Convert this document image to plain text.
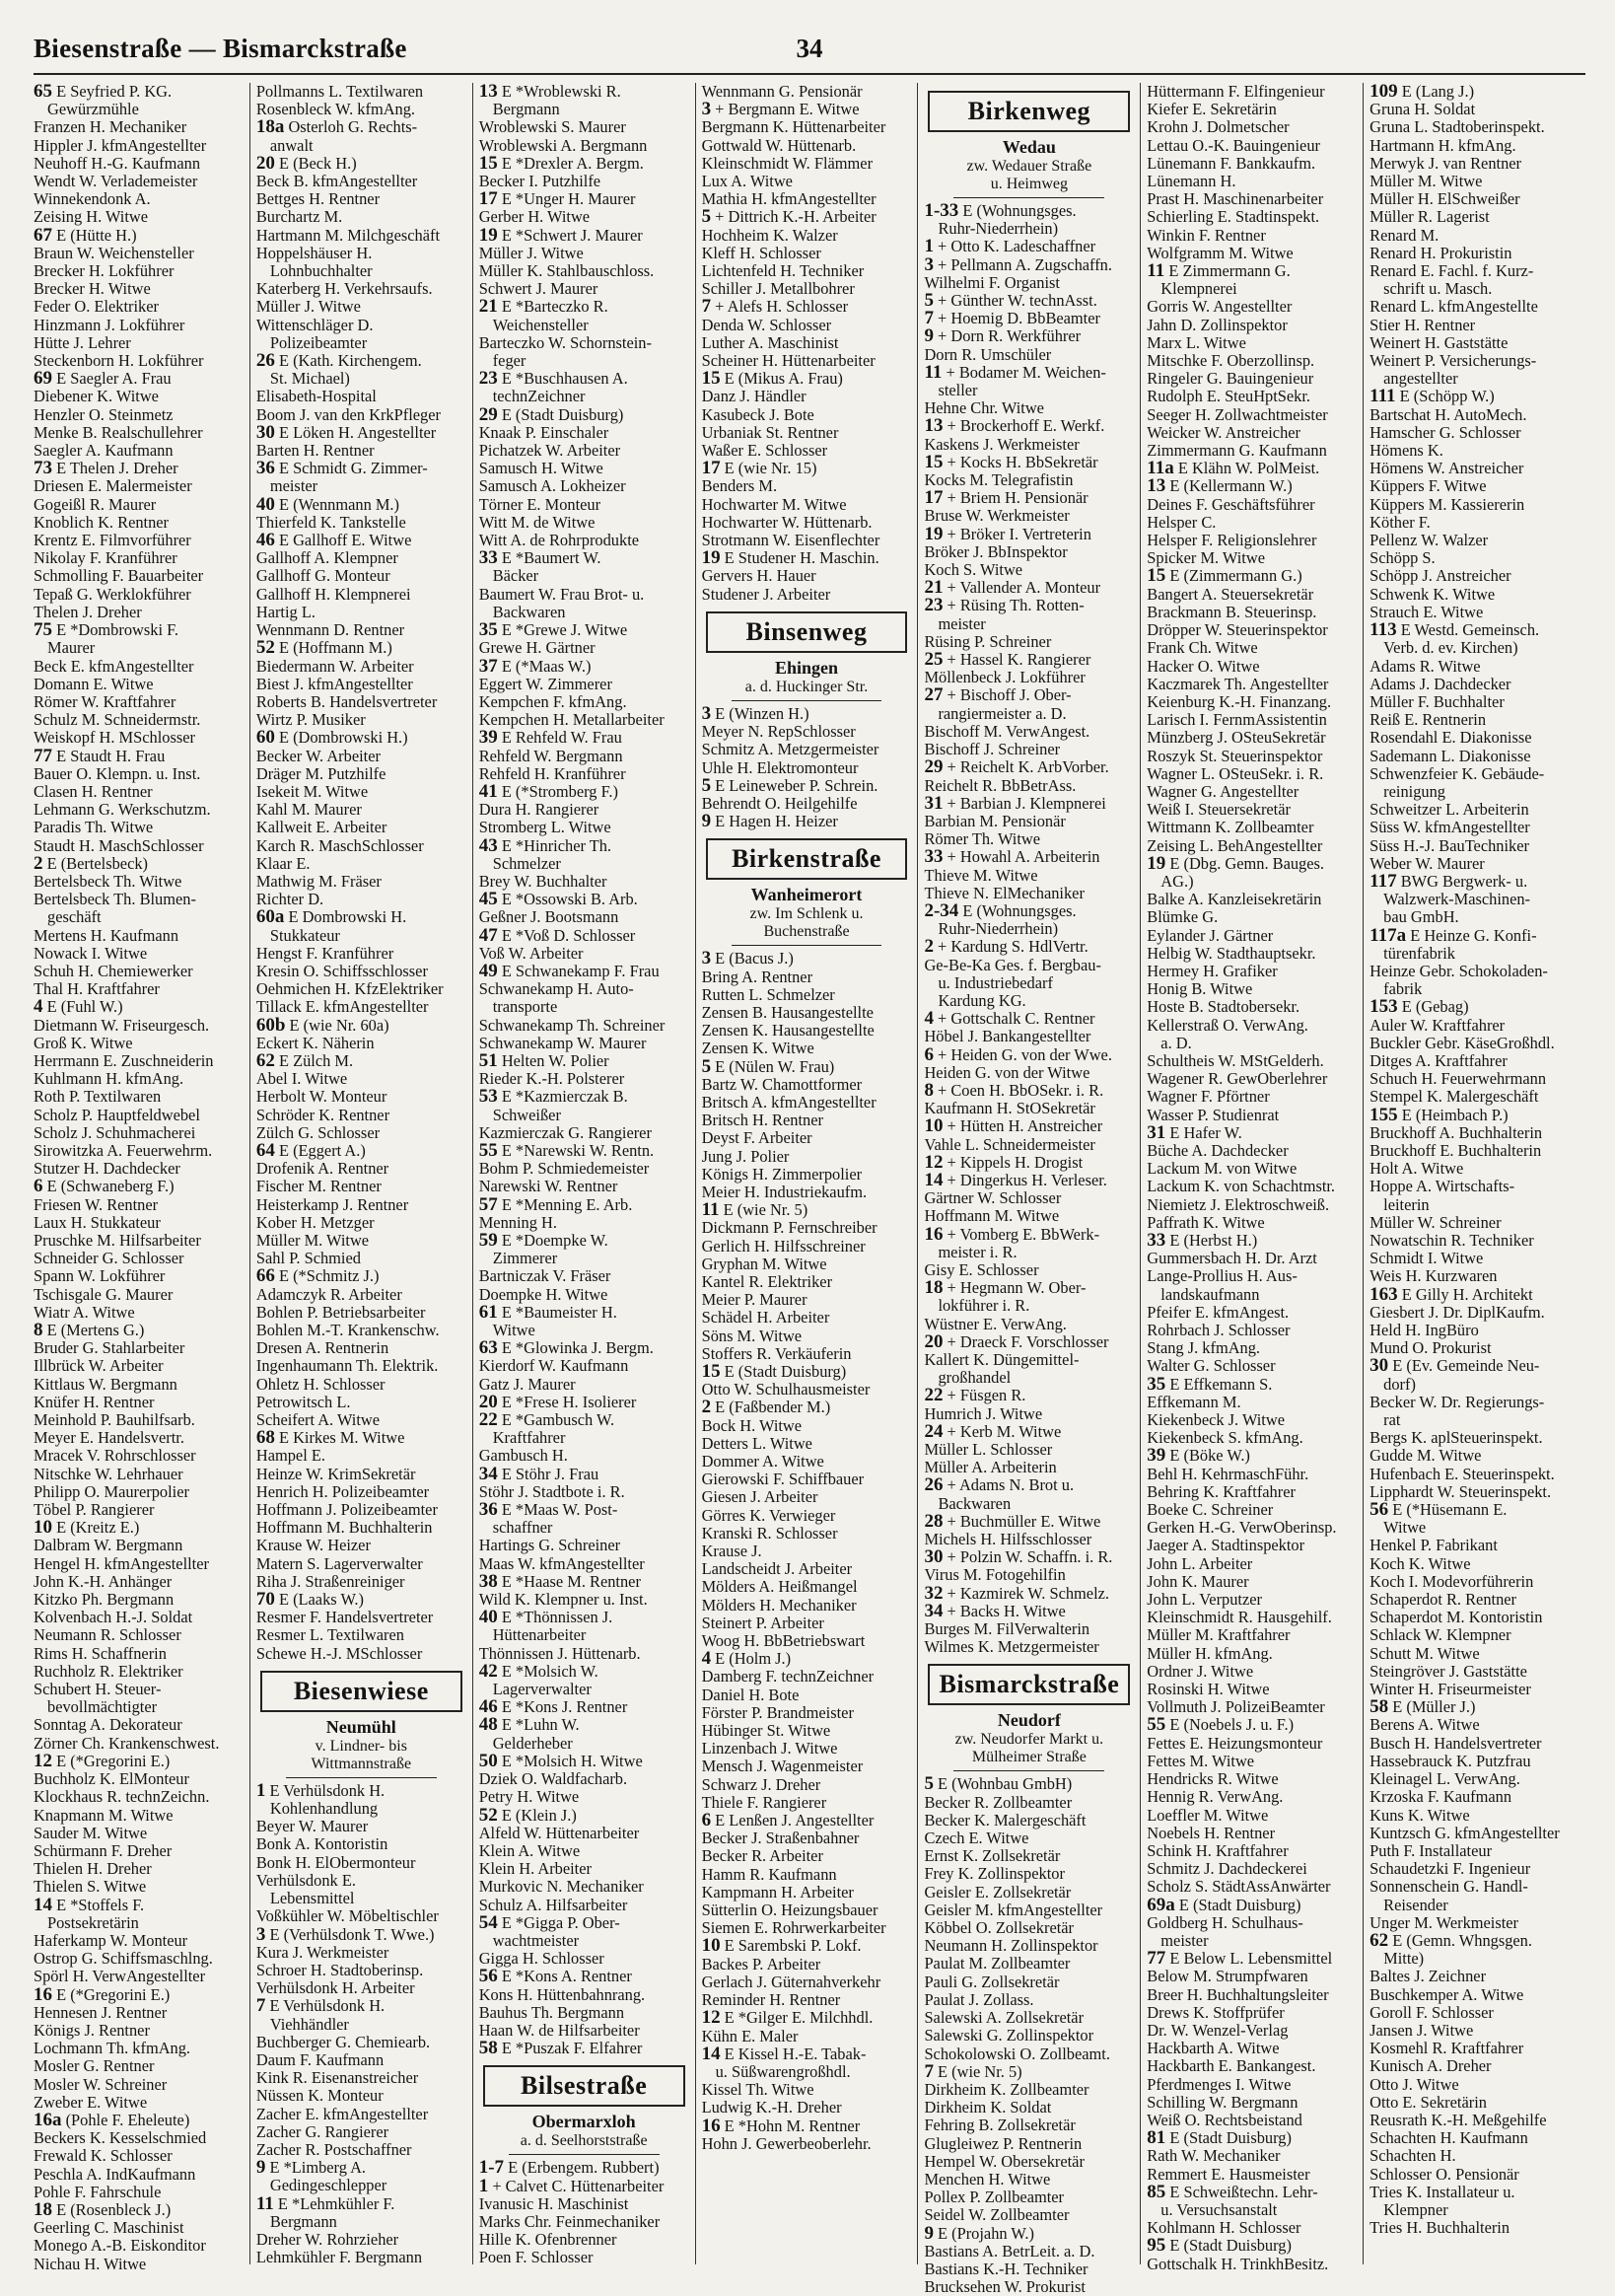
Biesenstraße — Bismarckstraße	34
65 E Seyfried P. KG.
Gewürzmühle
Franzen H. Mechaniker
Hippler J. kfmAngestellter
Neuhoff H.-G. Kaufmann
Wendt W. Verlademeister
Winnekendonk A.
Zeising H. Witwe
67 E (Hütte H.)
Braun W. Weichensteller
Brecker H. Lokführer
Brecker H. Witwe
Feder O. Elektriker
Hinzmann J. Lokführer
Hütte J. Lehrer
Steckenborn H. Lokführer
69 E Saegler A. Frau
Diebener K. Witwe
Henzler O. Steinmetz
Menke B. Realschullehrer
Saegler A. Kaufmann
73 E Thelen J. Dreher
Driesen E. Malermeister
Gogeißl R. Maurer
Knoblich K. Rentner
Krentz E. Filmvorführer
Nikolay F. Kranführer
Schmolling F. Bauarbeiter
Tepaß G. Werklokführer
Thelen J. Dreher
75 E *Dombrowski F.
Maurer
Beck E. kfmAngestellter
Domann E. Witwe
Römer W. Kraftfahrer
Schulz M. Schneidermstr.
Weiskopf H. MSchlosser
77 E Staudt H. Frau
Bauer O. Klempn. u. Inst.
Clasen H. Rentner
Lehmann G. Werkschutzm.
Paradis Th. Witwe
Staudt H. MaschSchlosser
2 E (Bertelsbeck)
Bertelsbeck Th. Witwe
Bertelsbeck Th. Blumen-
geschäft
Mertens H. Kaufmann
Nowack I. Witwe
Schuh H. Chemiewerker
Thal H. Kraftfahrer
4 E (Fuhl W.)
Dietmann W. Friseurgesch.
Groß K. Witwe
Herrmann E. Zuschneiderin
Kuhlmann H. kfmAng.
Roth P. Textilwaren
Scholz P. Hauptfeldwebel
Scholz J. Schuhmacherei
Sirowitzka A. Feuerwehrm.
Stutzer H. Dachdecker
6 E (Schwaneberg F.)
Friesen W. Rentner
Laux H. Stukkateur
Pruschke M. Hilfsarbeiter
Schneider G. Schlosser
Spann W. Lokführer
Tschisgale G. Maurer
Wiatr A. Witwe
8 E (Mertens G.)
Bruder G. Stahlarbeiter
Illbrück W. Arbeiter
Kittlaus W. Bergmann
Knüfer H. Rentner
Meinhold P. Bauhilfsarb.
Meyer E. Handelsvertr.
Mracek V. Rohrschlosser
Nitschke W. Lehrhauer
Philipp O. Maurerpolier
Töbel P. Rangierer
10 E (Kreitz E.)
Dalbram W. Bergmann
Hengel H. kfmAngestellter
John K.-H. Anhänger
Kitzko Ph. Bergmann
Kolvenbach H.-J. Soldat
Neumann R. Schlosser
Rims H. Schaffnerin
Ruchholz R. Elektriker
Schubert H. Steuer-
bevollmächtigter
Sonntag A. Dekorateur
Zörner Ch. Krankenschwest.
12 E (*Gregorini E.)
Buchholz K. ElMonteur
Klockhaus R. technZeichn.
Knapmann M. Witwe
Sauder M. Witwe
Schürmann F. Dreher
Thielen H. Dreher
Thielen S. Witwe
14 E *Stoffels F.
Postsekretärin
Haferkamp W. Monteur
Ostrop G. Schiffsmaschlng.
Spörl H. VerwAngestellter
16 E (*Gregorini E.)
Hennesen J. Rentner
Königs J. Rentner
Lochmann Th. kfmAng.
Mosler G. Rentner
Mosler W. Schreiner
Zweber E. Witwe
16a (Pohle F. Eheleute)
Beckers K. Kesselschmied
Frewald K. Schlosser
Peschla A. IndKaufmann
Pohle F. Fahrschule
18 E (Rosenbleck J.)
Geerling C. Maschinist
Monego A.-B. Eiskonditor
Nichau H. Witwe
Pollmanns L. Textilwaren
Rosenbleck W. kfmAng.
18a Osterloh G. Rechts-
anwalt
20 E (Beck H.)
Beck B. kfmAngestellter
Bettges H. Rentner
Burchartz M.
Hartmann M. Milchgeschäft
Hoppelshäuser H.
Lohnbuchhalter
Katerberg H. Verkehrsaufs.
Müller J. Witwe
Wittenschläger D.
Polizeibeamter
26 E (Kath. Kirchengem.
St. Michael)
Elisabeth-Hospital
Boom J. van den KrkPfleger
30 E Löken H. Angestellter
Barten H. Rentner
36 E Schmidt G. Zimmer-
meister
40 E (Wennmann M.)
Thierfeld K. Tankstelle
46 E Gallhoff E. Witwe
Gallhoff A. Klempner
Gallhoff G. Monteur
Gallhoff H. Klempnerei
Hartig L.
Wennmann D. Rentner
52 E (Hoffmann M.)
Biedermann W. Arbeiter
Biest J. kfmAngestellter
Roberts B. Handelsvertreter
Wirtz P. Musiker
60 E (Dombrowski H.)
Becker W. Arbeiter
Dräger M. Putzhilfe
Isekeit M. Witwe
Kahl M. Maurer
Kallweit E. Arbeiter
Karch R. MaschSchlosser
Klaar E.
Mathwig M. Fräser
Richter D.
60a E Dombrowski H.
Stukkateur
Hengst F. Kranführer
Kresin O. Schiffsschlosser
Oehmichen H. KfzElektriker
Tillack E. kfmAngestellter
60b E (wie Nr. 60a)
Eckert K. Näherin
62 E Zülch M.
Abel I. Witwe
Herbolt W. Monteur
Schröder K. Rentner
Zülch G. Schlosser
64 E (Eggert A.)
Drofenik A. Rentner
Fischer M. Rentner
Heisterkamp J. Rentner
Kober H. Metzger
Müller M. Witwe
Sahl P. Schmied
66 E (*Schmitz J.)
Adamczyk R. Arbeiter
Bohlen P. Betriebsarbeiter
Bohlen M.-T. Krankenschw.
Dresen A. Rentnerin
Ingenhaumann Th. Elektrik.
Ohletz H. Schlosser
Petrowitsch L.
Scheifert A. Witwe
68 E Kirkes M. Witwe
Hampel E.
Heinze W. KrimSekretär
Henrich H. Polizeibeamter
Hoffmann J. Polizeibeamter
Hoffmann M. Buchhalterin
Krause W. Heizer
Matern S. Lagerverwalter
Riha J. Straßenreiniger
70 E (Laaks W.)
Resmer F. Handelsvertreter
Resmer L. Textilwaren
Schewe H.-J. MSchlosser
Biesenwiese
Neumühl
v. Lindner- bis
Wittmannstraße
1 E Verhülsdonk H.
Kohlenhandlung
Beyer W. Maurer
Bonk A. Kontoristin
Bonk H. ElObermonteur
Verhülsdonk E.
Lebensmittel
Voßkühler W. Möbeltischler
3 E (Verhülsdonk T. Wwe.)
Kura J. Werkmeister
Schroer H. Stadtoberinsp.
Verhülsdonk H. Arbeiter
7 E Verhülsdonk H.
Viehhändler
Buchberger G. Chemiearb.
Daum F. Kaufmann
Kink R. Eisenanstreicher
Nüssen K. Monteur
Zacher E. kfmAngestellter
Zacher G. Rangierer
Zacher R. Postschaffner
9 E *Limberg A.
Gedingeschlepper
11 E *Lehmkühler F.
Bergmann
Dreher W. Rohrzieher
Lehmkühler F. Bergmann
13 E *Wroblewski R.
Bergmann
Wroblewski S. Maurer
Wroblewski A. Bergmann
15 E *Drexler A. Bergm.
Becker I. Putzhilfe
17 E *Unger H. Maurer
Gerber H. Witwe
19 E *Schwert J. Maurer
Müller J. Witwe
Müller K. Stahlbauschloss.
Schwert J. Maurer
21 E *Barteczko R.
Weichensteller
Barteczko W. Schornstein-
feger
23 E *Buschhausen A.
technZeichner
29 E (Stadt Duisburg)
Knaak P. Einschaler
Pichatzek W. Arbeiter
Samusch H. Witwe
Samusch A. Lokheizer
Törner E. Monteur
Witt M. de Witwe
Witt A. de Rohrprodukte
33 E *Baumert W.
Bäcker
Baumert W. Frau Brot- u.
Backwaren
35 E *Grewe J. Witwe
Grewe H. Gärtner
37 E (*Maas W.)
Eggert W. Zimmerer
Kempchen F. kfmAng.
Kempchen H. Metallarbeiter
39 E Rehfeld W. Frau
Rehfeld W. Bergmann
Rehfeld H. Kranführer
41 E (*Stromberg F.)
Dura H. Rangierer
Stromberg L. Witwe
43 E *Hinricher Th.
Schmelzer
Brey W. Buchhalter
45 E *Ossowski B. Arb.
Geßner J. Bootsmann
47 E *Voß D. Schlosser
Voß W. Arbeiter
49 E Schwanekamp F. Frau
Schwanekamp H. Auto-
transporte
Schwanekamp Th. Schreiner
Schwanekamp W. Maurer
51 Helten W. Polier
Rieder K.-H. Polsterer
53 E *Kazmierczak B.
Schweißer
Kazmierczak G. Rangierer
55 E *Narewski W. Rentn.
Bohm P. Schmiedemeister
Narewski W. Rentner
57 E *Menning E. Arb.
Menning H.
59 E *Doempke W.
Zimmerer
Bartniczak V. Fräser
Doempke H. Witwe
61 E *Baumeister H.
Witwe
63 E *Glowinka J. Bergm.
Kierdorf W. Kaufmann
Gatz J. Maurer
20 E *Frese H. Isolierer
22 E *Gambusch W.
Kraftfahrer
Gambusch H.
34 E Stöhr J. Frau
Stöhr J. Stadtbote i. R.
36 E *Maas W. Post-
schaffner
Hartings G. Schreiner
Maas W. kfmAngestellter
38 E *Haase M. Rentner
Wild K. Klempner u. Inst.
40 E *Thönnissen J.
Hüttenarbeiter
Thönnissen J. Hüttenarb.
42 E *Molsich W.
Lagerverwalter
46 E *Kons J. Rentner
48 E *Luhn W.
Gelderheber
50 E *Molsich H. Witwe
Dziek O. Waldfacharb.
Petry H. Witwe
52 E (Klein J.)
Alfeld W. Hüttenarbeiter
Klein A. Witwe
Klein H. Arbeiter
Murkovic N. Mechaniker
Schulz A. Hilfsarbeiter
54 E *Gigga P. Ober-
wachtmeister
Gigga H. Schlosser
56 E *Kons A. Rentner
Kons H. Hüttenbahnrang.
Bauhus Th. Bergmann
Haan W. de Hilfsarbeiter
58 E *Puszak F. Elfahrer
Bilsestraße
Obermarxloh
a. d. Seelhorststraße
1-7 E (Erbengem. Rubbert)
1 + Calvet C. Hüttenarbeiter
Ivanusic H. Maschinist
Marks Chr. Feinmechaniker
Hille K. Ofenbrenner
Poen F. Schlosser
Wennmann G. Pensionär
3 + Bergmann E. Witwe
Bergmann K. Hüttenarbeiter
Gottwald W. Hüttenarb.
Kleinschmidt W. Flämmer
Lux A. Witwe
Mathia H. kfmAngestellter
5 + Dittrich K.-H. Arbeiter
Hochheim K. Walzer
Kleff H. Schlosser
Lichtenfeld H. Techniker
Schiller J. Metallbohrer
7 + Alefs H. Schlosser
Denda W. Schlosser
Luther A. Maschinist
Scheiner H. Hüttenarbeiter
15 E (Mikus A. Frau)
Danz J. Händler
Kasubeck J. Bote
Urbaniak St. Rentner
Waßer E. Schlosser
17 E (wie Nr. 15)
Benders M.
Hochwarter M. Witwe
Hochwarter W. Hüttenarb.
Strotmann W. Eisenflechter
19 E Studener H. Maschin.
Gervers H. Hauer
Studener J. Arbeiter
Binsenweg
Ehingen
a. d. Huckinger Str.
3 E (Winzen H.)
Meyer N. RepSchlosser
Schmitz A. Metzgermeister
Uhle H. Elektromonteur
5 E Leineweber P. Schrein.
Behrendt O. Heilgehilfe
9 E Hagen H. Heizer
Birkenstraße
Wanheimerort
zw. Im Schlenk u.
Buchenstraße
3 E (Bacus J.)
Bring A. Rentner
Rutten L. Schmelzer
Zensen B. Hausangestellte
Zensen K. Hausangestellte
Zensen K. Witwe
5 E (Nülen W. Frau)
Bartz W. Chamottformer
Britsch A. kfmAngestellter
Britsch H. Rentner
Deyst F. Arbeiter
Jung J. Polier
Königs H. Zimmerpolier
Meier H. Industriekaufm.
11 E (wie Nr. 5)
Dickmann P. Fernschreiber
Gerlich H. Hilfsschreiner
Gryphan M. Witwe
Kantel R. Elektriker
Meier P. Maurer
Schädel H. Arbeiter
Söns M. Witwe
Stoffers R. Verkäuferin
15 E (Stadt Duisburg)
Otto W. Schulhausmeister
2 E (Faßbender M.)
Bock H. Witwe
Detters L. Witwe
Dommer A. Witwe
Gierowski F. Schiffbauer
Giesen J. Arbeiter
Görres K. Verwieger
Kranski R. Schlosser
Krause J.
Landscheidt J. Arbeiter
Mölders A. Heißmangel
Mölders H. Mechaniker
Steinert P. Arbeiter
Woog H. BbBetriebswart
4 E (Holm J.)
Damberg F. technZeichner
Daniel H. Bote
Förster P. Brandmeister
Hübinger St. Witwe
Linzenbach J. Witwe
Mensch J. Wagenmeister
Schwarz J. Dreher
Thiele F. Rangierer
6 E Lenßen J. Angestellter
Becker J. Straßenbahner
Becker R. Arbeiter
Hamm R. Kaufmann
Kampmann H. Arbeiter
Sütterlin O. Heizungsbauer
Siemen E. Rohrwerkarbeiter
10 E Sarembski P. Lokf.
Backes P. Arbeiter
Gerlach J. Güternahverkehr
Reminder H. Rentner
12 E *Gilger E. Milchhdl.
Kühn E. Maler
14 E Kissel H.-E. Tabak-
u. Süßwarengroßhdl.
Kissel Th. Witwe
Ludwig K.-H. Dreher
16 E *Hohn M. Rentner
Hohn J. Gewerbeoberlehr.
Birkenweg
Wedau
zw. Wedauer Straße
u. Heimweg
1-33 E (Wohnungsges.
Ruhr-Niederrhein)
1 + Otto K. Ladeschaffner
3 + Pellmann A. Zugschaffn.
Wilhelmi F. Organist
5 + Günther W. technAsst.
7 + Hoemig D. BbBeamter
9 + Dorn R. Werkführer
Dorn R. Umschüler
11 + Bodamer M. Weichen-
steller
Hehne Chr. Witwe
13 + Brockerhoff E. Werkf.
Kaskens J. Werkmeister
15 + Kocks H. BbSekretär
Kocks M. Telegrafistin
17 + Briem H. Pensionär
Bruse W. Werkmeister
19 + Bröker I. Vertreterin
Bröker J. BbInspektor
Koch S. Witwe
21 + Vallender A. Monteur
23 + Rüsing Th. Rotten-
meister
Rüsing P. Schreiner
25 + Hassel K. Rangierer
Möllenbeck J. Lokführer
27 + Bischoff J. Ober-
rangiermeister a. D.
Bischoff M. VerwAngest.
Bischoff J. Schreiner
29 + Reichelt K. ArbVorber.
Reichelt R. BbBetrAss.
31 + Barbian J. Klempnerei
Barbian M. Pensionär
Römer Th. Witwe
33 + Howahl A. Arbeiterin
Thieve M. Witwe
Thieve N. ElMechaniker
2-34 E (Wohnungsges.
Ruhr-Niederrhein)
2 + Kardung S. HdlVertr.
Ge-Be-Ka Ges. f. Bergbau-
u. Industriebedarf
Kardung KG.
4 + Gottschalk C. Rentner
Höbel J. Bankangestellter
6 + Heiden G. von der Wwe.
Heiden G. von der Witwe
8 + Coen H. BbOSekr. i. R.
Kaufmann H. StOSekretär
10 + Hütten H. Anstreicher
Vahle L. Schneidermeister
12 + Kippels H. Drogist
14 + Dingerkus H. Verleser.
Gärtner W. Schlosser
Hoffmann M. Witwe
16 + Vomberg E. BbWerk-
meister i. R.
Gisy E. Schlosser
18 + Hegmann W. Ober-
lokführer i. R.
Wüstner E. VerwAng.
20 + Draeck F. Vorschlosser
Kallert K. Düngemittel-
großhandel
22 + Füsgen R.
Humrich J. Witwe
24 + Kerb M. Witwe
Müller L. Schlosser
Müller A. Arbeiterin
26 + Adams N. Brot u.
Backwaren
28 + Buchmüller E. Witwe
Michels H. Hilfsschlosser
30 + Polzin W. Schaffn. i. R.
Virus M. Fotogehilfin
32 + Kazmirek W. Schmelz.
34 + Backs H. Witwe
Burges M. FilVerwalterin
Wilmes K. Metzgermeister
Bismarckstraße
Neudorf
zw. Neudorfer Markt u.
Mülheimer Straße
5 E (Wohnbau GmbH)
Becker R. Zollbeamter
Becker K. Malergeschäft
Czech E. Witwe
Ernst K. Zollsekretär
Frey K. Zollinspektor
Geisler E. Zollsekretär
Geisler M. kfmAngestellter
Köbbel O. Zollsekretär
Neumann H. Zollinspektor
Paulat M. Zollbeamter
Pauli G. Zollsekretär
Paulat J. Zollass.
Salewski A. Zollsekretär
Salewski G. Zollinspektor
Schokolowski O. Zollbeamt.
7 E (wie Nr. 5)
Dirkheim K. Zollbeamter
Dirkheim K. Soldat
Fehring B. Zollsekretär
Glugleiwez P. Rentnerin
Hempel W. Obersekretär
Menchen H. Witwe
Pollex P. Zollbeamter
Seidel W. Zollbeamter
9 E (Projahn W.)
Bastians A. BetrLeit. a. D.
Bastians K.-H. Techniker
Brucksehen W. Prokurist
Hüttermann F. Elfingenieur
Kiefer E. Sekretärin
Krohn J. Dolmetscher
Lettau O.-K. Bauingenieur
Lünemann F. Bankkaufm.
Lünemann H.
Prast H. Maschinenarbeiter
Schierling E. Stadtinspekt.
Winkin F. Rentner
Wolfgramm M. Witwe
11 E Zimmermann G.
Klempnerei
Gorris W. Angestellter
Jahn D. Zollinspektor
Marx L. Witwe
Mitschke F. Oberzollinsp.
Ringeler G. Bauingenieur
Rudolph E. SteuHptSekr.
Seeger H. Zollwachtmeister
Weicker W. Anstreicher
Zimmermann G. Kaufmann
11a E Klähn W. PolMeist.
13 E (Kellermann W.)
Deines F. Geschäftsführer
Helsper C.
Helsper F. Religionslehrer
Spicker M. Witwe
15 E (Zimmermann G.)
Bangert A. Steuersekretär
Brackmann B. Steuerinsp.
Dröpper W. Steuerinspektor
Frank Ch. Witwe
Hacker O. Witwe
Kaczmarek Th. Angestellter
Keienburg K.-H. Finanzang.
Larisch I. FernmAssistentin
Münzberg J. OSteuSekretär
Roszyk St. Steuerinspektor
Wagner L. OSteuSekr. i. R.
Wagner G. Angestellter
Weiß I. Steuersekretär
Wittmann K. Zollbeamter
Zeising L. BehAngestellter
19 E (Dbg. Gemn. Bauges.
AG.)
Balke A. Kanzleisekretärin
Blümke G.
Eylander J. Gärtner
Helbig W. Stadthauptsekr.
Hermey H. Grafiker
Honig B. Witwe
Hoste B. Stadtobersekr.
Kellerstraß O. VerwAng.
a. D.
Schultheis W. MStGelderh.
Wagener R. GewOberlehrer
Wagner F. Pförtner
Wasser P. Studienrat
31 E Hafer W.
Büche A. Dachdecker
Lackum M. von Witwe
Lackum K. von Schachtmstr.
Niemietz J. Elektroschweiß.
Paffrath K. Witwe
33 E (Herbst H.)
Gummersbach H. Dr. Arzt
Lange-Prollius H. Aus-
landskaufmann
Pfeifer E. kfmAngest.
Rohrbach J. Schlosser
Stang J. kfmAng.
Walter G. Schlosser
35 E Effkemann S.
Effkemann M.
Kiekenbeck J. Witwe
Kiekenbeck S. kfmAng.
39 E (Böke W.)
Behl H. KehrmaschFühr.
Behring K. Kraftfahrer
Boeke C. Schreiner
Gerken H.-G. VerwOberinsp.
Jaeger A. Stadtinspektor
John L. Arbeiter
John K. Maurer
John L. Verputzer
Kleinschmidt R. Hausgehilf.
Müller M. Kraftfahrer
Müller H. kfmAng.
Ordner J. Witwe
Rosinski H. Witwe
Vollmuth J. PolizeiBeamter
55 E (Noebels J. u. F.)
Fettes E. Heizungsmonteur
Fettes M. Witwe
Hendricks R. Witwe
Hennig R. VerwAng.
Loeffler M. Witwe
Noebels H. Rentner
Schink H. Kraftfahrer
Schmitz J. Dachdeckerei
Scholz S. StädtAssAnwärter
69a E (Stadt Duisburg)
Goldberg H. Schulhaus-
meister
77 E Below L. Lebensmittel
Below M. Strumpfwaren
Breer H. Buchhaltungsleiter
Drews K. Stoffprüfer
Dr. W. Wenzel-Verlag
Hackbarth A. Witwe
Hackbarth E. Bankangest.
Pferdmenges I. Witwe
Schilling W. Bergmann
Weiß O. Rechtsbeistand
81 E (Stadt Duisburg)
Rath W. Mechaniker
Remmert E. Hausmeister
85 E Schweißtechn. Lehr-
u. Versuchsanstalt
Kohlmann H. Schlosser
95 E (Stadt Duisburg)
Gottschalk H. TrinkhBesitz.
109 E (Lang J.)
Gruna H. Soldat
Gruna L. Stadtoberinspekt.
Hartmann H. kfmAng.
Merwyk J. van Rentner
Müller M. Witwe
Müller H. ElSchweißer
Müller R. Lagerist
Renard M.
Renard H. Prokuristin
Renard E. Fachl. f. Kurz-
schrift u. Masch.
Renard L. kfmAngestellte
Stier H. Rentner
Weinert H. Gaststätte
Weinert P. Versicherungs-
angestellter
111 E (Schöpp W.)
Bartschat H. AutoMech.
Hamscher G. Schlosser
Hömens K.
Hömens W. Anstreicher
Küppers F. Witwe
Küppers M. Kassiererin
Köther F.
Pellenz W. Walzer
Schöpp S.
Schöpp J. Anstreicher
Schwenk K. Witwe
Strauch E. Witwe
113 E Westd. Gemeinsch.
Verb. d. ev. Kirchen)
Adams R. Witwe
Adams J. Dachdecker
Müller F. Buchhalter
Reiß E. Rentnerin
Rosendahl E. Diakonisse
Sademann L. Diakonisse
Schwenzfeier K. Gebäude-
reinigung
Schweitzer L. Arbeiterin
Süss W. kfmAngestellter
Süss H.-J. BauTechniker
Weber W. Maurer
117 BWG Bergwerk- u.
Walzwerk-Maschinen-
bau GmbH.
117a E Heinze G. Konfi-
türenfabrik
Heinze Gebr. Schokoladen-
fabrik
153 E (Gebag)
Auler W. Kraftfahrer
Buckler Gebr. KäseGroßhdl.
Ditges A. Kraftfahrer
Schuch H. Feuerwehrmann
Stempel K. Malergeschäft
155 E (Heimbach P.)
Bruckhoff A. Buchhalterin
Bruckhoff E. Buchhalterin
Holt A. Witwe
Hoppe A. Wirtschafts-
leiterin
Müller W. Schreiner
Nowatschin R. Techniker
Schmidt I. Witwe
Weis H. Kurzwaren
163 E Gilly H. Architekt
Giesbert J. Dr. DiplKaufm.
Held H. IngBüro
Mund O. Prokurist
30 E (Ev. Gemeinde Neu-
dorf)
Becker W. Dr. Regierungs-
rat
Bergs K. aplSteuerinspekt.
Gudde M. Witwe
Hufenbach E. Steuerinspekt.
Lipphardt W. Steuerinspekt.
56 E (*Hüsemann E.
Witwe
Henkel P. Fabrikant
Koch K. Witwe
Koch I. Modevorführerin
Schaperdot R. Rentner
Schaperdot M. Kontoristin
Schlack W. Klempner
Schutt M. Witwe
Steingröver J. Gaststätte
Winter H. Friseurmeister
58 E (Müller J.)
Berens A. Witwe
Busch H. Handelsvertreter
Hassebrauck K. Putzfrau
Kleinagel L. VerwAng.
Krzoska F. Kaufmann
Kuns K. Witwe
Kuntzsch G. kfmAngestellter
Puth F. Installateur
Schaudetzki F. Ingenieur
Sonnenschein G. Handl-
Reisender
Unger M. Werkmeister
62 E (Gemn. Whngsgen.
Mitte)
Baltes J. Zeichner
Buschkemper A. Witwe
Goroll F. Schlosser
Jansen J. Witwe
Kosmehl R. Kraftfahrer
Kunisch A. Dreher
Otto J. Witwe
Otto E. Sekretärin
Reusrath K.-H. Meßgehilfe
Schachten H. Kaufmann
Schachten H.
Schlosser O. Pensionär
Tries K. Installateur u.
Klempner
Tries H. Buchhalterin
